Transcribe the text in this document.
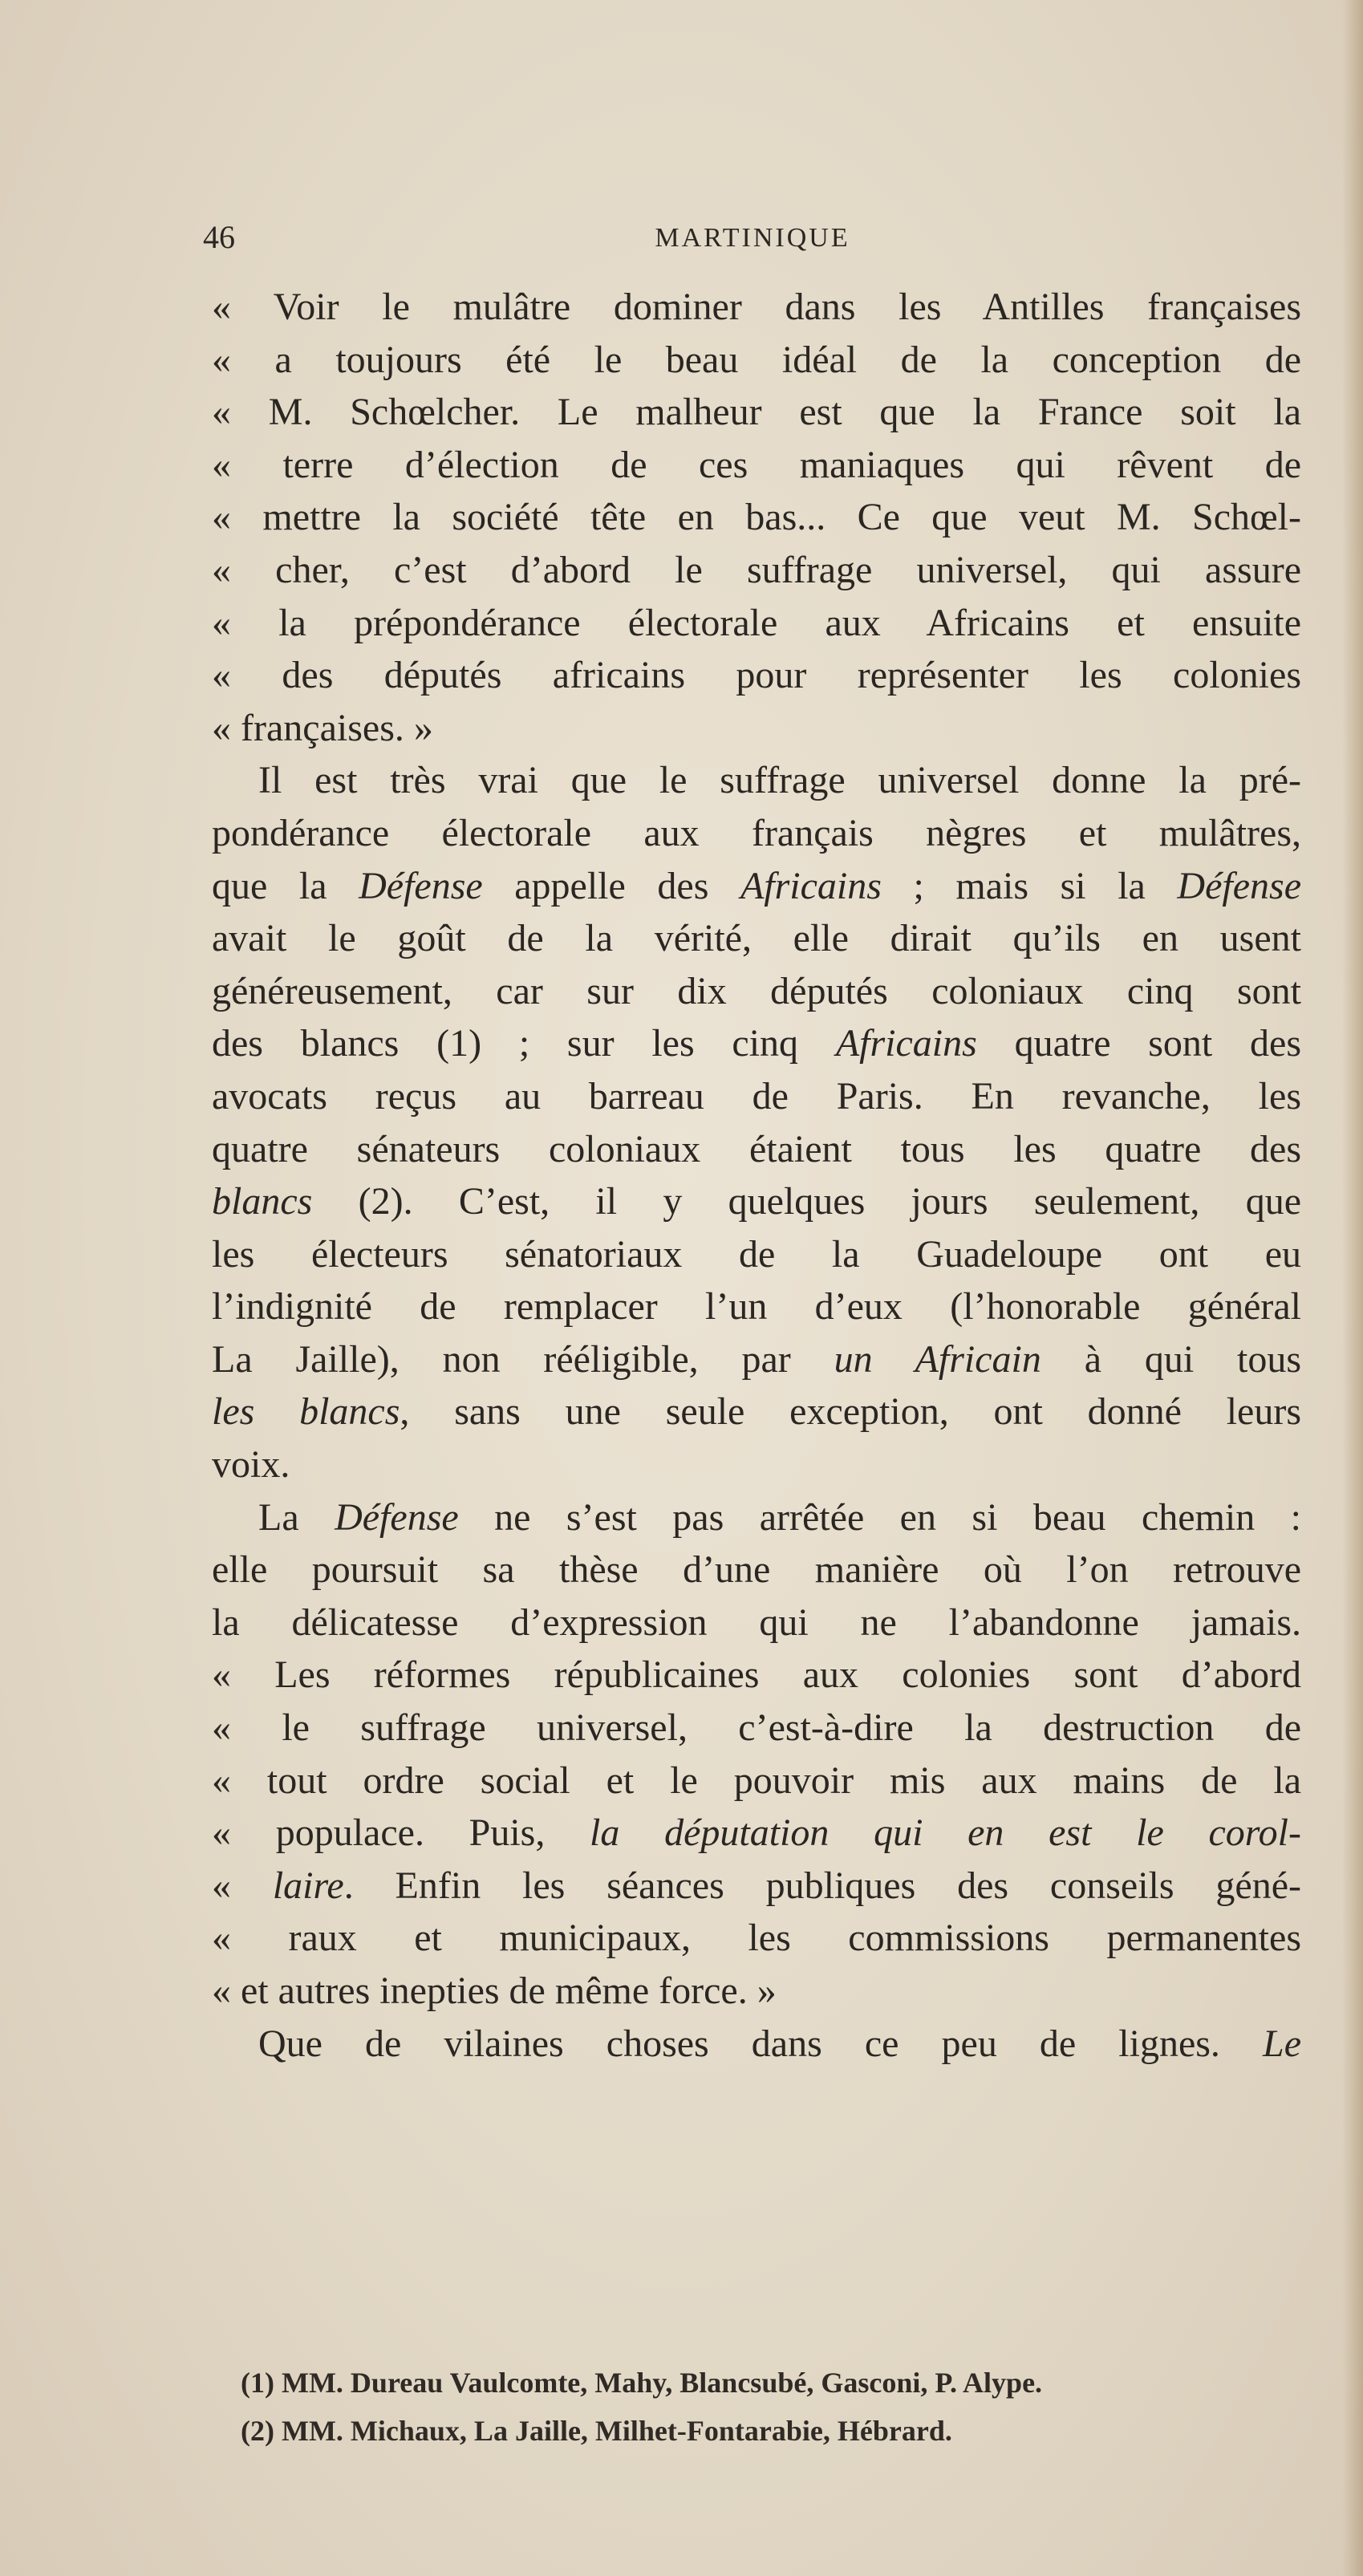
46	MARTINIQUE
« Voir le mulâtre dominer dans les Antilles françaises
« a toujours été le beau idéal de la conception de
« M. Schœlcher. Le malheur est que la France soit la
« terre d’élection de ces maniaques qui rêvent de
« mettre la société tête en bas... Ce que veut M. Schœl-
« cher, c’est d’abord le suffrage universel, qui assure
« la prépondérance électorale aux Africains et ensuite
« des députés africains pour représenter les colonies
« françaises. »
Il est très vrai que le suffrage universel donne la pré-
pondérance électorale aux français nègres et mulâtres,
que la Défense appelle des Africains ; mais si la Défense
avait le goût de la vérité, elle dirait qu’ils en usent
généreusement, car sur dix députés coloniaux cinq sont
des blancs (1) ; sur les cinq Africains quatre sont des
avocats reçus au barreau de Paris. En revanche, les
quatre sénateurs coloniaux étaient tous les quatre des
blancs (2). C’est, il y quelques jours seulement, que
les électeurs sénatoriaux de la Guadeloupe ont eu
l’indignité de remplacer l’un d’eux (l’honorable général
La Jaille), non rééligible, par un Africain à qui tous
les blancs, sans une seule exception, ont donné leurs
voix.
La Défense ne s’est pas arrêtée en si beau chemin :
elle poursuit sa thèse d’une manière où l’on retrouve
la délicatesse d’expression qui ne l’abandonne jamais.
« Les réformes républicaines aux colonies sont d’abord
« le suffrage universel, c’est-à-dire la destruction de
« tout ordre social et le pouvoir mis aux mains de la
« populace. Puis, la députation qui en est le corol-
« laire. Enfin les séances publiques des conseils géné-
« raux et municipaux, les commissions permanentes
« et autres inepties de même force. »
Que de vilaines choses dans ce peu de lignes. Le
(1) MM. Dureau Vaulcomte, Mahy, Blancsubé, Gasconi, P. Alype.
(2) MM. Michaux, La Jaille, Milhet-Fontarabie, Hébrard.
